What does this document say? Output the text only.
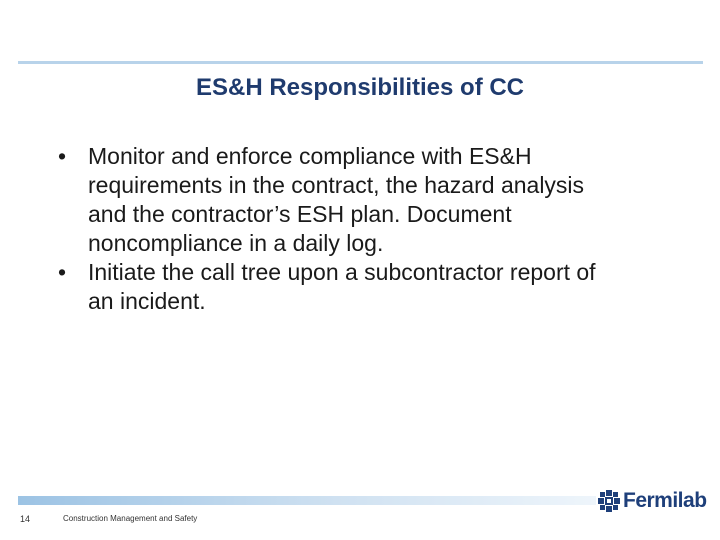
ES&H Responsibilities of CC
• Monitor and enforce compliance with ES&H requirements in the contract, the hazard analysis and the contractor’s ESH plan. Document noncompliance in a daily log.
• Initiate the call tree upon a subcontractor report of an incident.
14	Construction Management and Safety
Fermilab
